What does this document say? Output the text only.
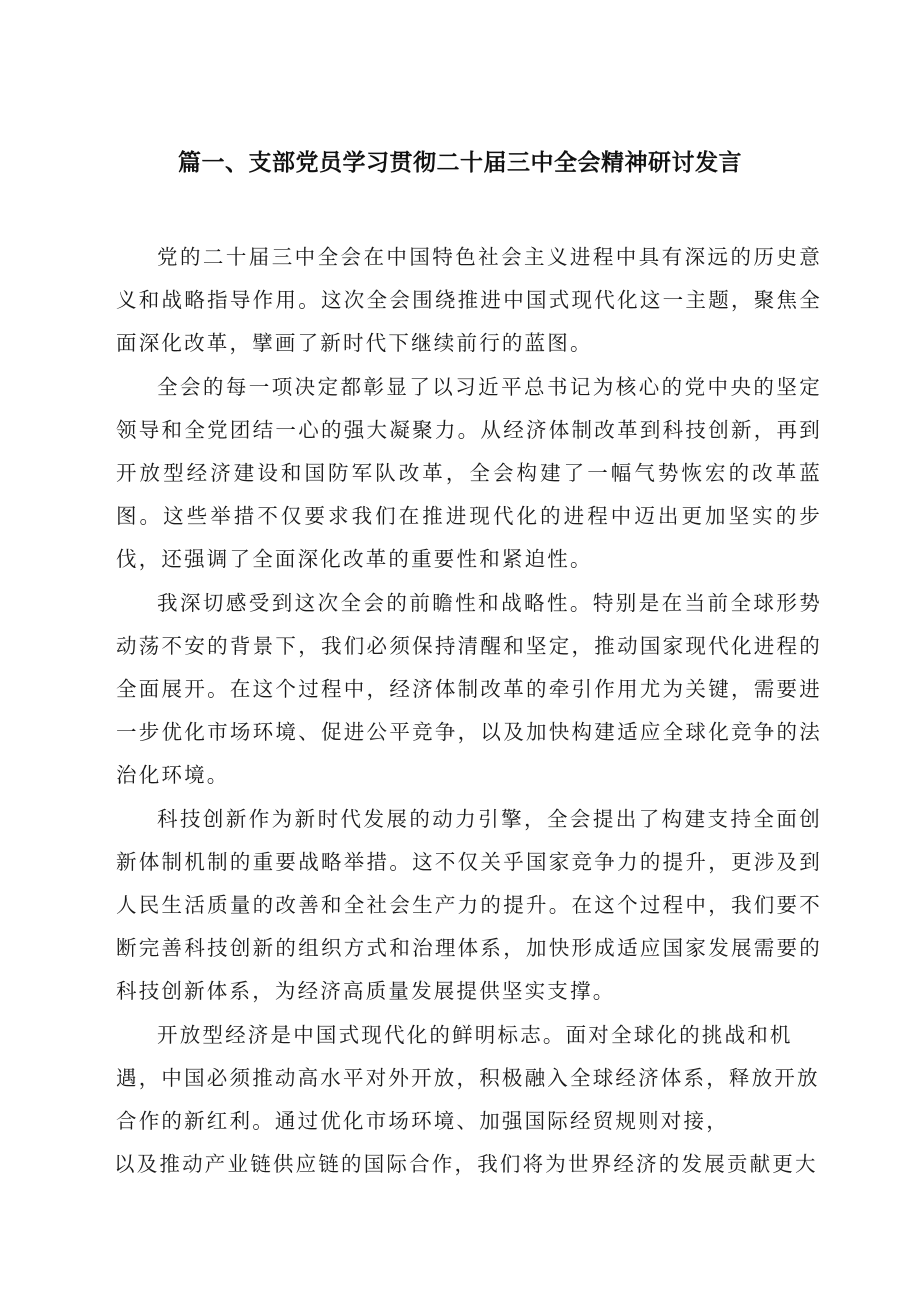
篇一、支部党员学习贯彻二十届三中全会精神研讨发言

党的二十届三中全会在中国特色社会主义进程中具有深远的历史意义和战略指导作用。这次全会围绕推进中国式现代化这一主题，聚焦全面深化改革，擘画了新时代下继续前行的蓝图。

全会的每一项决定都彰显了以习近平总书记为核心的党中央的坚定领导和全党团结一心的强大凝聚力。从经济体制改革到科技创新，再到开放型经济建设和国防军队改革，全会构建了一幅气势恢宏的改革蓝图。这些举措不仅要求我们在推进现代化的进程中迈出更加坚实的步伐，还强调了全面深化改革的重要性和紧迫性。

我深切感受到这次全会的前瞻性和战略性。特别是在当前全球形势动荡不安的背景下，我们必须保持清醒和坚定，推动国家现代化进程的全面展开。在这个过程中，经济体制改革的牵引作用尤为关键，需要进一步优化市场环境、促进公平竞争，以及加快构建适应全球化竞争的法治化环境。

科技创新作为新时代发展的动力引擎，全会提出了构建支持全面创新体制机制的重要战略举措。这不仅关乎国家竞争力的提升，更涉及到人民生活质量的改善和全社会生产力的提升。在这个过程中，我们要不断完善科技创新的组织方式和治理体系，加快形成适应国家发展需要的科技创新体系，为经济高质量发展提供坚实支撑。

开放型经济是中国式现代化的鲜明标志。面对全球化的挑战和机

遇，中国必须推动高水平对外开放，积极融入全球经济体系，释放开放

合作的新红利。通过优化市场环境、加强国际经贸规则对接，

以及推动产业链供应链的国际合作，我们将为世界经济的发展贡献更大
